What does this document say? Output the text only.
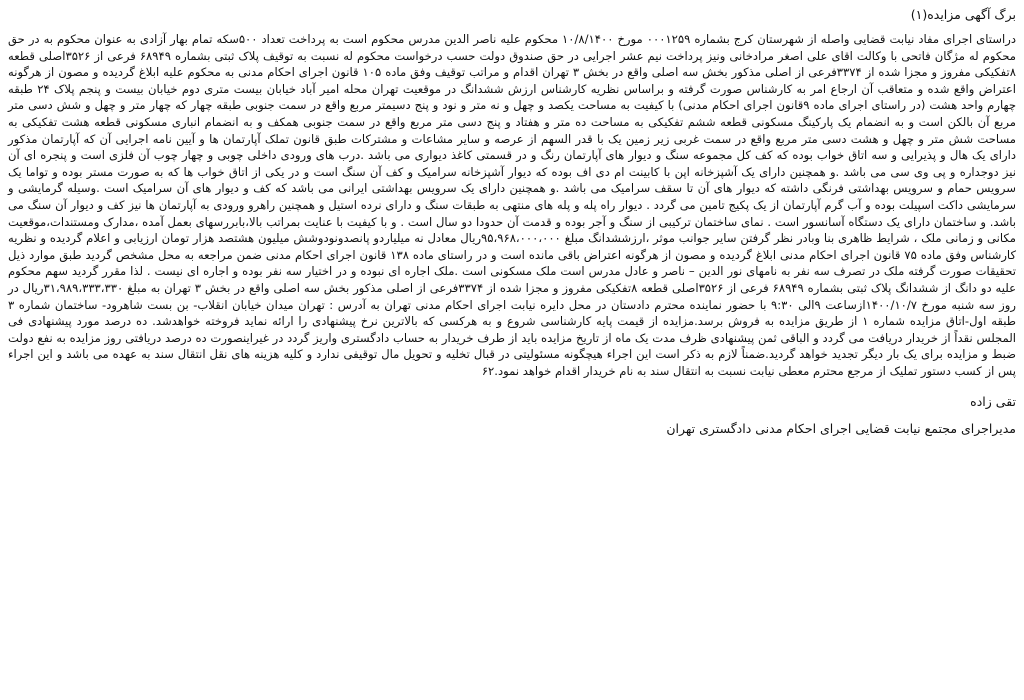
برگ آگهی مزایده(۱)

دراستای اجرای مفاد نیابت قضایی واصله از شهرستان کرج بشماره ۰۰۰۱۲۵۹ مورخ ۱۰/۸/۱۴۰۰ محکوم علیه ناصر الدین مدرس محکوم است به پرداخت تعداد ۵۰۰سکه تمام بهار آزادی به عنوان محکوم به در حق محکوم له مژگان فاتحی با وکالت اقای علی اصغر مرادخانی ونیز پرداخت نیم عشر اجرایی در حق صندوق دولت حسب درخواست محکوم له نسبت به توقیف پلاک ثبتی بشماره ۶۸۹۴۹ فرعی از ۳۵۲۶اصلی قطعه ۸تفکیکی مفروز و مجزا شده از ۳۳۷۴فرعی از اصلی مذکور بخش سه اصلی واقع در بخش ۳ تهران اقدام و مراتب توقیف وفق ماده ۱۰۵ قانون اجرای احکام مدنی به محکوم علیه ابلاغ گردیده و مصون از هرگونه اعتراض واقع شده و متعاقب آن ارجاع امر به کارشناس صورت گرفته و براساس نظریه کارشناس ارزش ششدانگ در موقعیت تهران محله امیر آباد خیابان بیست متری دوم خیابان بیست و پنجم پلاک ۲۴ طبقه چهارم واحد هشت (در راستای اجرای ماده ۹قانون اجرای احکام مدنی) با کیفیت به مساحت یکصد و چهل و نه متر و نود و پنج دسیمتر مربع واقع در سمت جنوبی طبقه چهار که چهار متر و چهل و شش دسی متر مربع آن بالکن است و به انضمام یک پارکینگ مسکونی قطعه ششم تفکیکی به مساحت ده متر و هفتاد و پنج دسی متر مربع واقع در سمت جنوبی همکف و به انضمام انباری مسکونی قطعه هشت تفکیکی به مساحت شش متر و چهل و هشت دسی متر مربع واقع در سمت غربی زیر زمین یک با قدر السهم از عرصه و سایر مشاعات و مشترکات طبق قانون تملک آپارتمان ها و آیین نامه اجرایی آن که آپارتمان مذکور دارای یک هال و پذیرایی و سه اتاق خواب بوده که کف کل مجموعه سنگ و دیوار های آپارتمان رنگ و در قسمتی کاغذ دیواری می باشد .درب های ورودی داخلی چوبی و چهار چوب آن فلزی است و پنجره ای آن نیز دوجداره و پی وی سی می باشد .و همچنین دارای یک آشپزخانه اپن با کابینت ام دی اف بوده که دیوار آشپزخانه سرامیک و کف آن سنگ است و در یکی از اتاق خواب ها که به صورت مستر بوده و تواما یک سرویس حمام و سرویس بهداشتی فرنگی داشته که دیوار های آن تا سقف سرامیک می باشد .و همچنین دارای یک سرویس بهداشتی ایرانی می باشد که کف و دیوار های آن سرامیک است .وسیله گرمایشی و سرمایشی داکت اسپیلت بوده و آب گرم آپارتمان از یک پکیج تامین می گردد . دیوار راه پله و پله های منتهی به طبقات سنگ و دارای نرده استیل و همچنین راهرو ورودی به آپارتمان ها نیز کف و دیوار آن سنگ می باشد. و ساختمان دارای یک دستگاه آسانسور است . نمای ساختمان ترکیبی از سنگ و آجر بوده و قدمت آن حدودا دو سال است . و با کیفیت با عنایت بمراتب بالا،بابررسهای بعمل آمده ،مدارک ومستندات،موقعیت مکانی و زمانی ملک ، شرایط ظاهری بنا وبادر نظر گرفتن سایر جوانب موثر ،ارزششدانگ مبلغ ۹۵،۹۶۸،۰۰۰،۰۰۰ریال معادل نه میلیاردو پانصدونودوشش میلیون هشتصد هزار تومان ارزیابی و اعلام گردیده و نظریه کارشناس وفق ماده ۷۵ قانون اجرای احکام مدنی ابلاغ گردیده و مصون از هرگونه اعتراض باقی مانده است و در راستای ماده ۱۳۸ قانون اجرای احکام مدنی ضمن مراجعه به محل مشخص گردید طبق موارد ذیل تحقیقات صورت گرفته ملک در تصرف سه نفر به نامهای نور الدین – ناصر و عادل مدرس است ملک مسکونی است .ملک اجاره ای نبوده و در اختیار سه نفر بوده و اجاره ای نیست . لذا مقرر گردید سهم محکوم علیه دو دانگ از ششدانگ پلاک ثبتی بشماره ۶۸۹۴۹ فرعی از ۳۵۲۶اصلی قطعه ۸تفکیکی مفروز و مجزا شده از ۳۳۷۴فرعی از اصلی مذکور بخش سه اصلی واقع در بخش ۳ تهران به مبلغ ۳۱،۹۸۹،۳۳۳،۳۳۰ریال در روز سه شنبه مورخ ۱۴۰۰/۱۰/۷ازساعت ۹الی ۹:۳۰ با حضور نماینده محترم دادستان در محل دایره نیابت اجرای احکام مدنی تهران به آدرس : تهران میدان خیابان انقلاب- بن بست شاهرود- ساختمان شماره ۳ طبقه اول-اتاق مزایده شماره ۱ از طریق مزایده به فروش برسد.مزایده از قیمت پایه کارشناسی شروع و به هرکسی که بالاترین نرخ پیشنهادی را ارائه نماید فروخته خواهدشد. ده درصد مورد پیشنهادی فی المجلس نقداً از خریدار دریافت می گردد و الباقی ثمن پیشنهادی ظرف مدت یک ماه از تاریخ مزایده باید از طرف خریدار به حساب دادگستری واریز گردد در غیراینصورت ده درصد دریافتی روز مزایده به نفع دولت ضبط و مزایده برای یک بار دیگر تجدید خواهد گردید.ضمناً لازم به ذکر است این اجراء هیچگونه مسئولیتی در قبال تخلیه و تحویل مال توقیفی ندارد و کلیه هزینه های نقل انتقال سند به عهده می باشد و این اجراء پس از کسب دستور تملیک از مرجع محترم معطی نیابت نسبت به انتقال سند به نام خریدار اقدام خواهد نمود.۶۲

تقی زاده
مدیراجرای مجتمع نیابت قضایی اجرای احکام مدنی دادگستری تهران
